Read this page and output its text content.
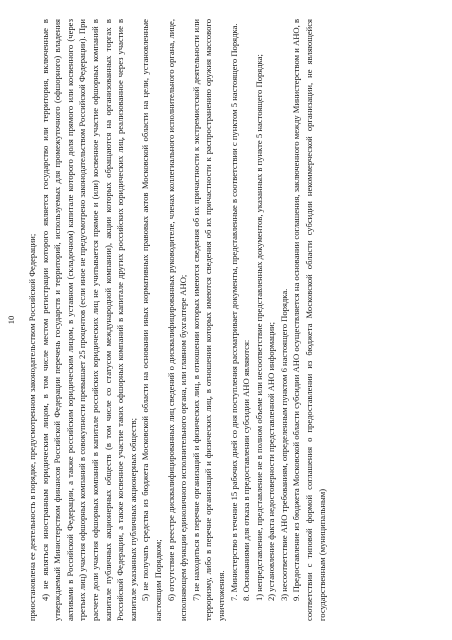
10 приостановлена ее деятельность в порядке, предусмотренном законодательством Российской Федерации; 4) не являться иностранным юридическим лицом, в том числе местом регистрации которого является государство или территория, включенные в утверждаемый Министерством финансов Российской Федерации перечень государств и территорий, используемых для промежуточного (офшорного) владения активами в Российской Федерации, а также российским юридическим лицом, в уставном (складочном) капитале которого доля прямого или косвенного (через третьих лиц) участия офшорных компаний в совокупности превышает 25 процентов (если иное не предусмотрено законодательством Российской Федерации). При расчете доли участия офшорных компаний в капитале российских юридических лиц не учитывается прямое и (или) косвенное участие офшорных компаний в капитале публичных акционерных обществ (в том числе со статусом международной компании), акции которых обращаются на организованных торгах в Российской Федерации, а также косвенное участие таких офшорных компаний в капитале других российских юридических лиц, реализованное через участие в капитале указанных публичных акционерных обществ; 5) не получать средства из бюджета Московской области на основании иных нормативных правовых актов Московской области на цели, установленные настоящим Порядком; 6) отсутствие в реестре дисквалифицированных лиц сведений о дисквалифицированных руководителе, членах коллегиального исполнительного органа, лице, исполняющем функции единоличного исполнительного органа, или главном бухгалтере АНО; 7) не находиться в перечне организаций и физических лиц, в отношении которых имеются сведения об их причастности к экстремистской деятельности или терроризму, либо в перечне организаций и физических лиц, в отношении которых имеются сведения об их причастности к распространению оружия массового уничтожения. 7. Министерство в течение 15 рабочих дней со дня поступления рассматривает документы, представленные в соответствии с пунктом 5 настоящего Порядка. 8. Основаниями для отказа в предоставлении субсидии АНО являются: 1) непредставление, представление не в полном объеме или несоответствие представленных документов, указанных в пункте 5 настоящего Порядка; 2) установление факта недостоверности представленной АНО информации; 3) несоответствие АНО требованиям, определенным пунктом 6 настоящего Порядка. 9. Предоставление из бюджета Московской области субсидии АНО осуществляется на основании соглашения, заключенного между Министерством и АНО, в соответствии с типовой формой соглашения о предоставлении из бюджета Московской области субсидии некоммерческой организации, не являющейся государственным (муниципальным)
